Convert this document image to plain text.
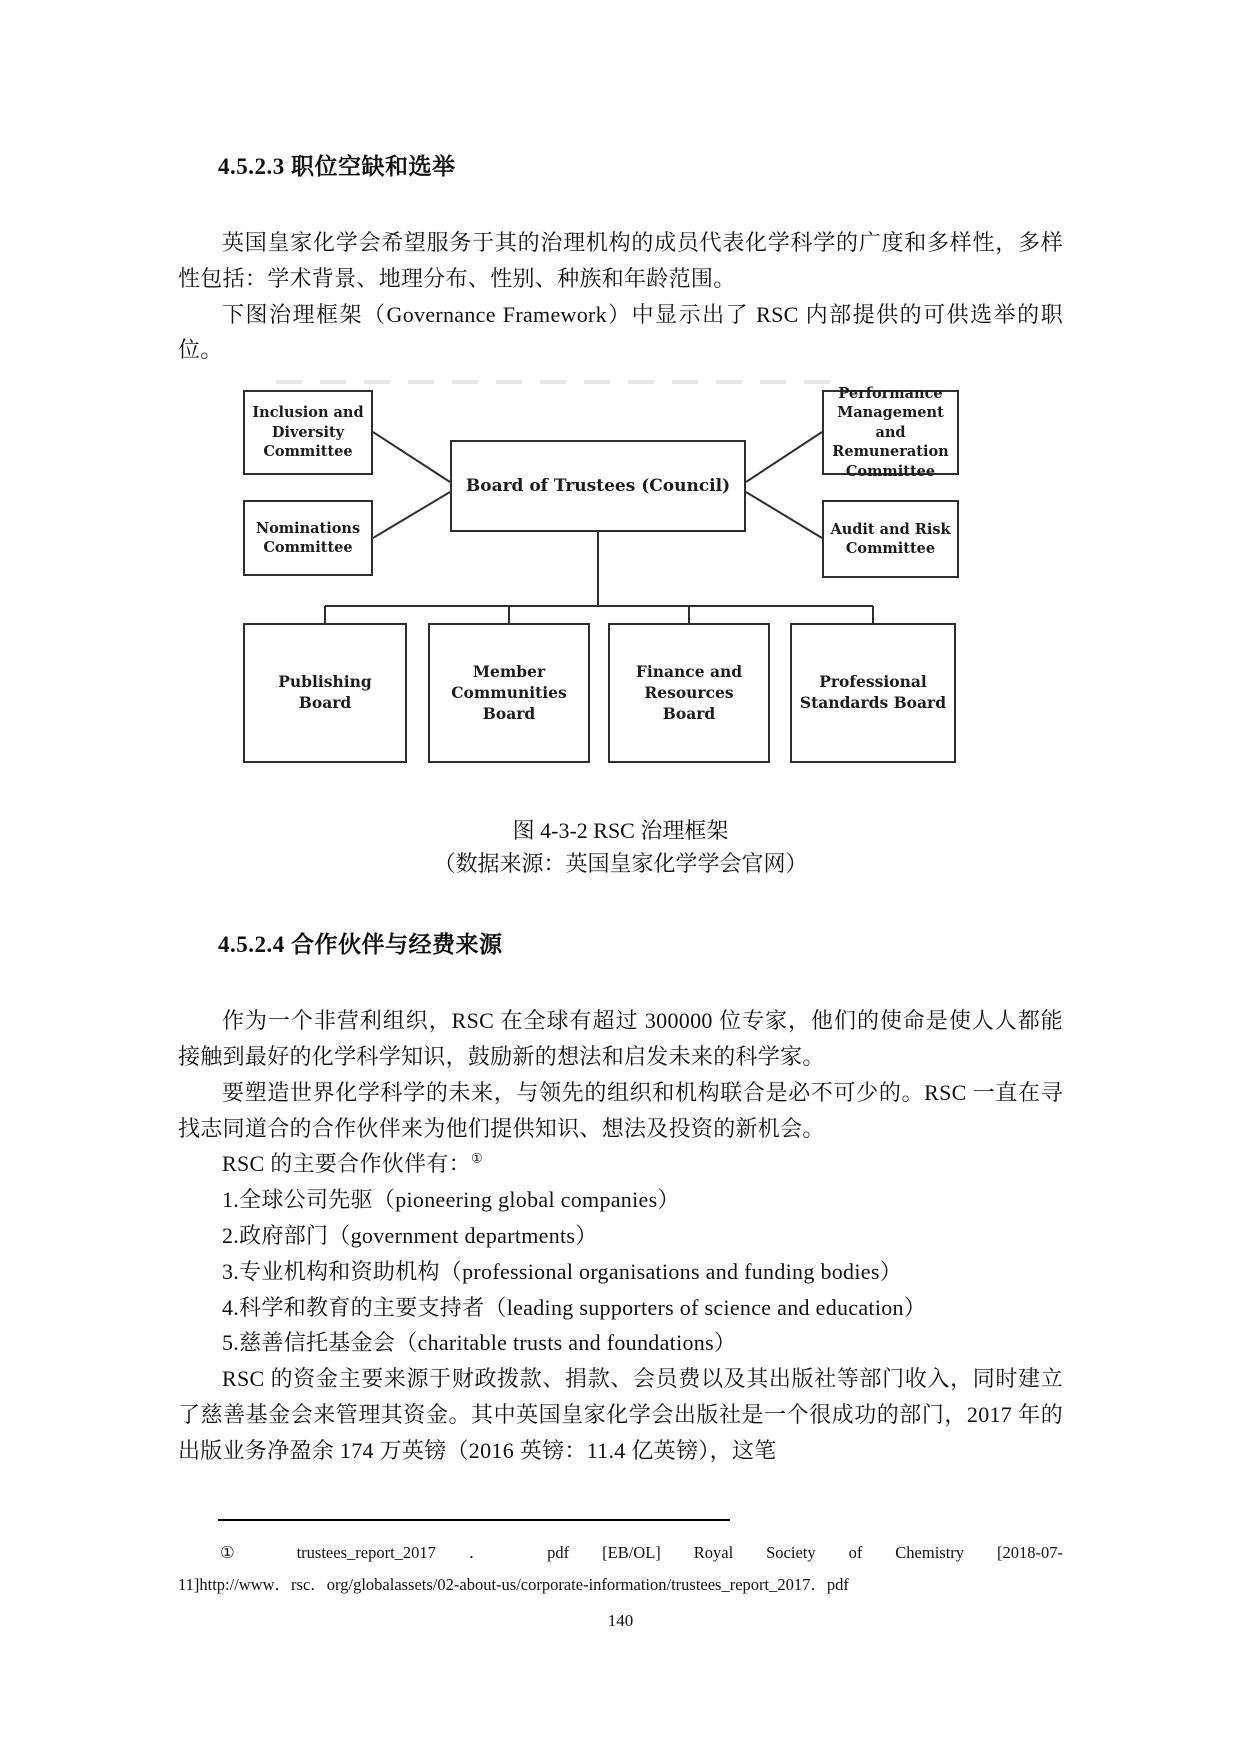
4.5.2.3 职位空缺和选举

英国皇家化学会希望服务于其的治理机构的成员代表化学科学的广度和多样性，多样性包括：学术背景、地理分布、性别、种族和年龄范围。

下图治理框架（Governance Framework）中显示出了 RSC 内部提供的可供选举的职位。

Inclusion and Diversity Committee
Nominations Committee
Board of Trustees (Council)
Performance Management and Remuneration Committee
Audit and Risk Committee
Publishing Board
Member Communities Board
Finance and Resources Board
Professional Standards Board
图 4-3-2 RSC 治理框架
（数据来源：英国皇家化学学会官网）
4.5.2.4 合作伙伴与经费来源

作为一个非营利组织，RSC 在全球有超过 300000 位专家，他们的使命是使人人都能接触到最好的化学科学知识，鼓励新的想法和启发未来的科学家。

要塑造世界化学科学的未来，与领先的组织和机构联合是必不可少的。RSC 一直在寻找志同道合的合作伙伴来为他们提供知识、想法及投资的新机会。

RSC 的主要合作伙伴有：①

1.全球公司先驱（pioneering global companies）

2.政府部门（government departments）

3.专业机构和资助机构（professional organisations and funding bodies）

4.科学和教育的主要支持者（leading supporters of science and education）

5.慈善信托基金会（charitable trusts and foundations）

RSC 的资金主要来源于财政拨款、捐款、会员费以及其出版社等部门收入，同时建立了慈善基金会来管理其资金。其中英国皇家化学会出版社是一个很成功的部门，2017 年的出版业务净盈余 174 万英镑（2016 英镑：11.4 亿英镑），这笔

① trustees_report_2017 ． pdf [EB/OL] Royal Society of Chemistry [2018-07-
11]http://www．rsc．org/globalassets/02-about-us/corporate-information/trustees_report_2017．pdf
140
